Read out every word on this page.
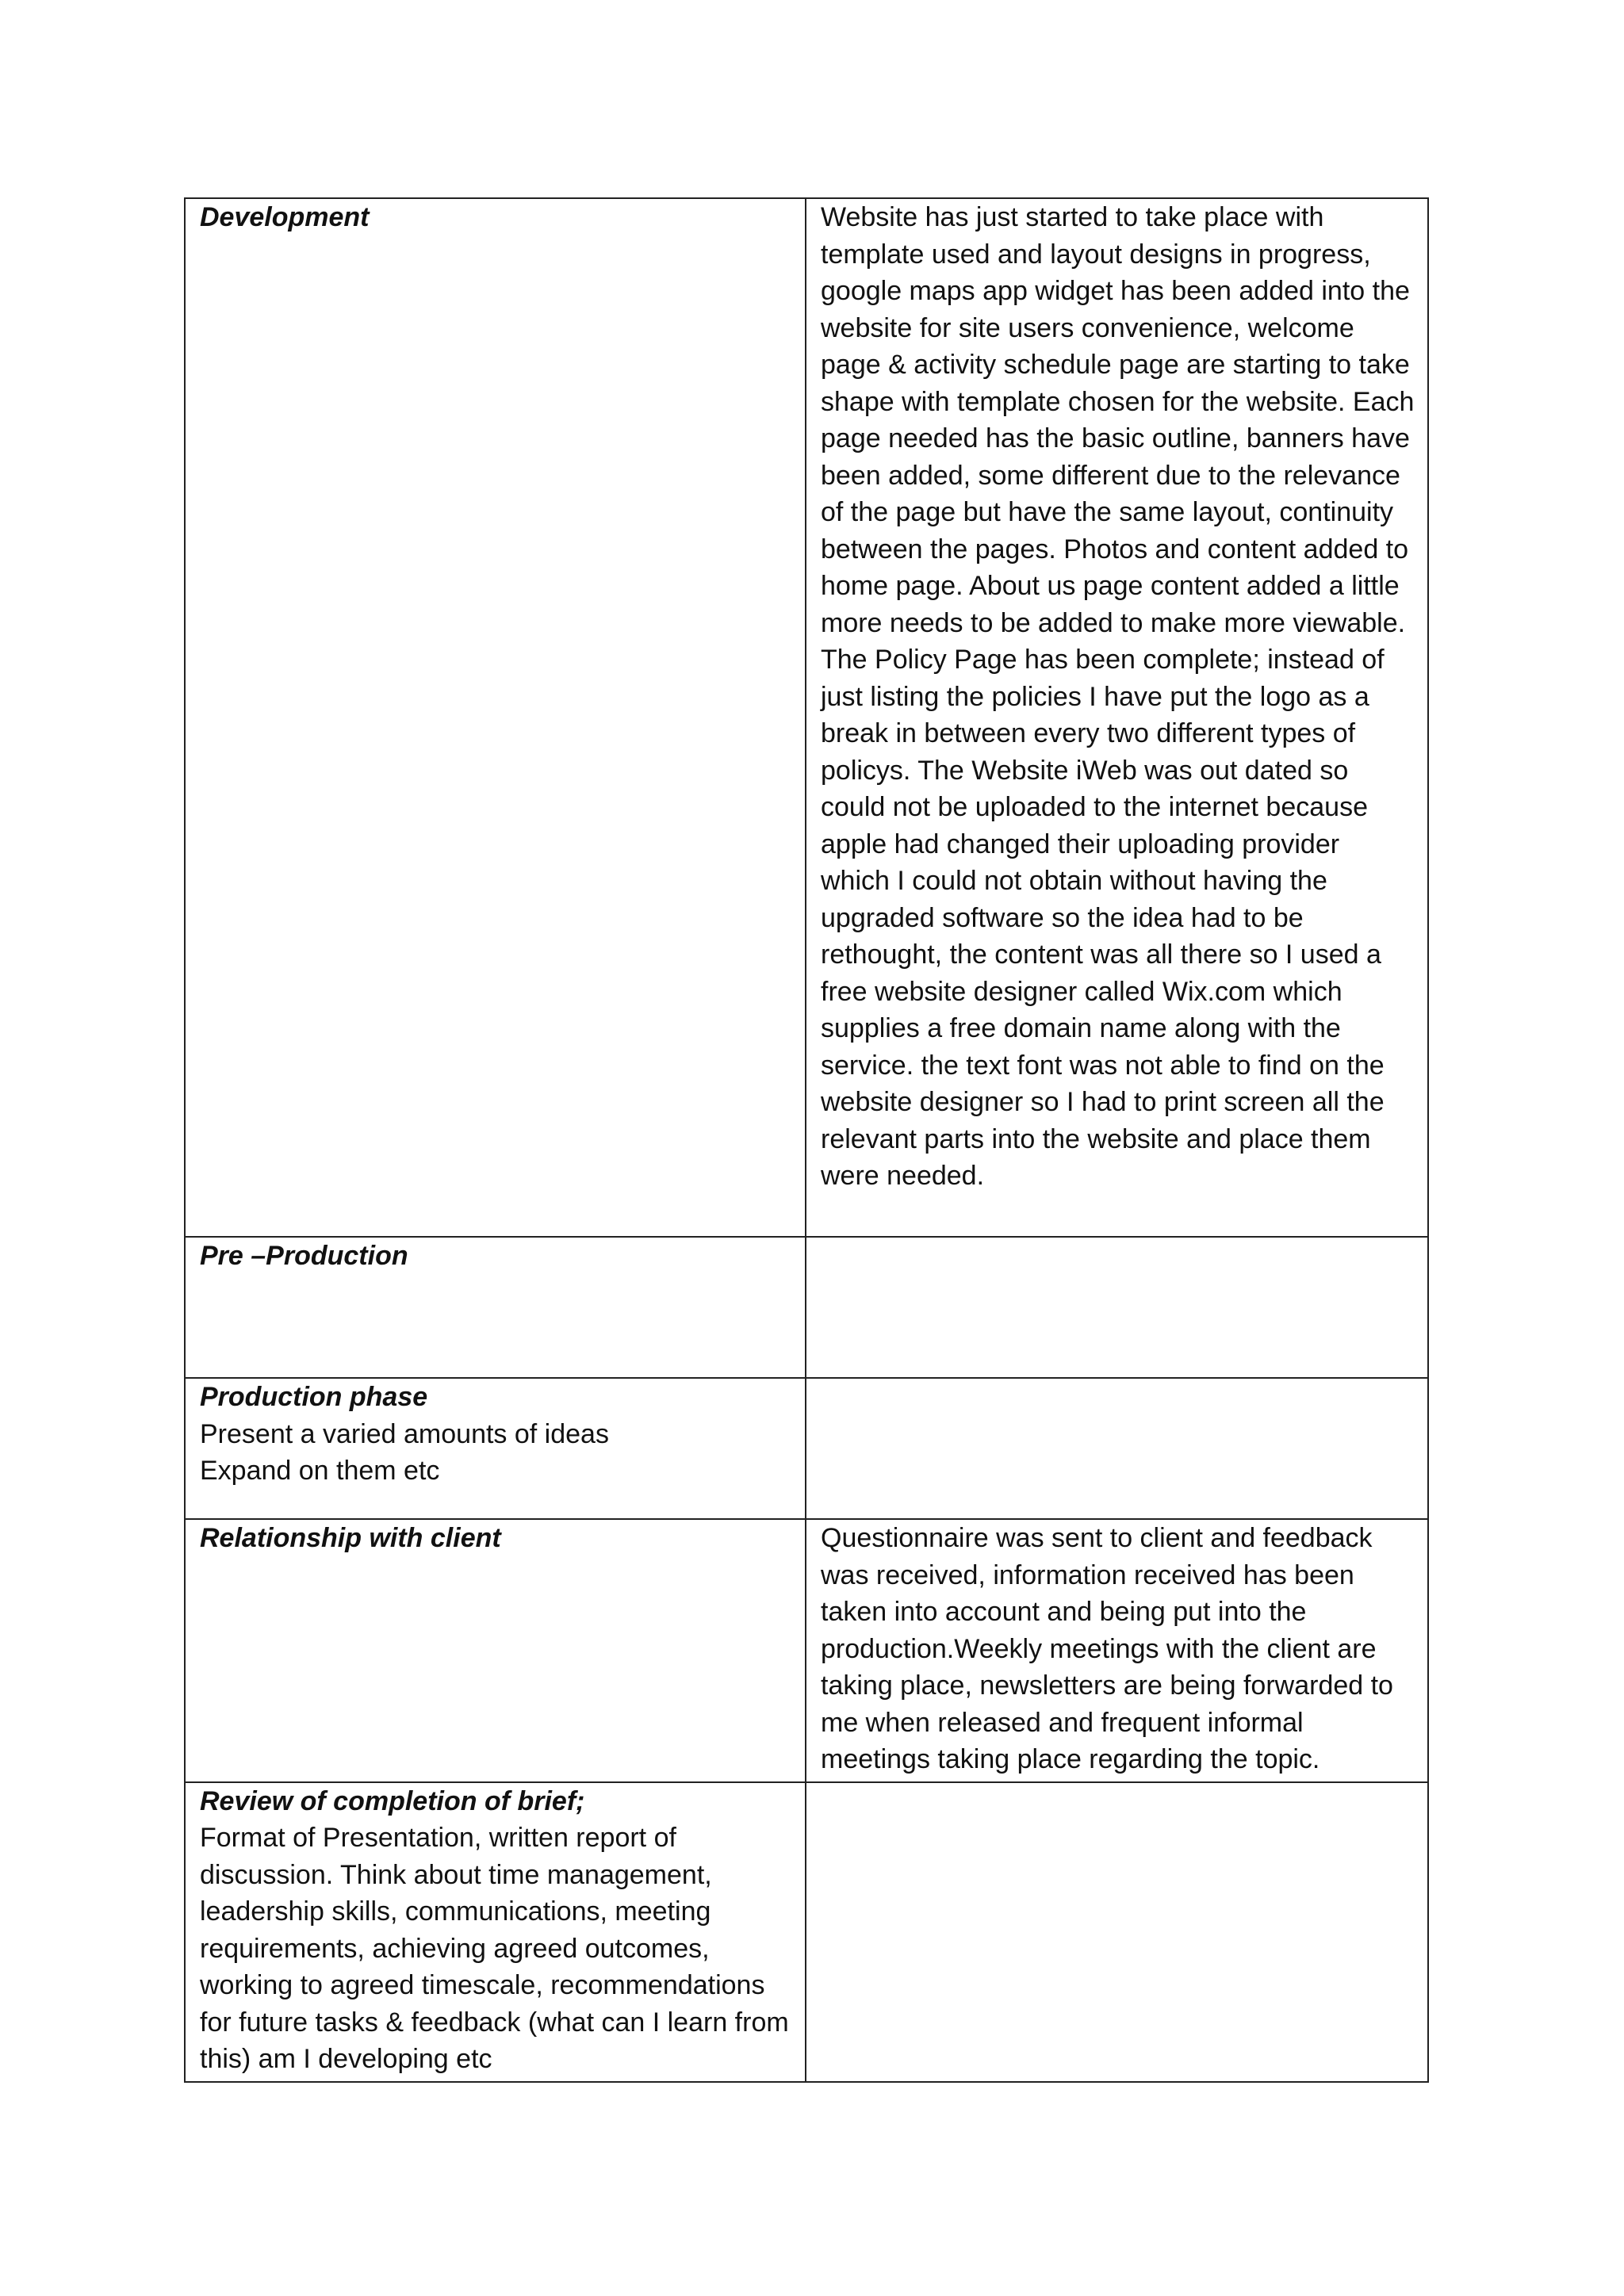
Development	Website has just started to take place with template used and layout designs in progress, google maps app widget has been added into the website for site users convenience, welcome page & activity schedule page are starting to take shape with template chosen for the website. Each page needed has the basic outline, banners have been added, some different due to the relevance of the page but have the same layout, continuity between the pages. Photos and content added to home page. About us page content added a little more needs to be added to make more viewable. The Policy Page has been complete; instead of just listing the policies I have put the logo as a break in between every two different types of policys. The Website iWeb was out dated so could not be uploaded to the internet because apple had changed their uploading provider which I could not obtain without having the upgraded software so the idea had to be rethought, the content was all there so I used a free website designer called Wix.com which supplies a free domain name along with the service. the text font was not able to find on the website designer so I had to print screen all the relevant parts into the website and place them were needed.

Pre –Production	

Production phase
Present a varied amounts of ideas
Expand on them etc	

Relationship with client	Questionnaire was sent to client and feedback was received, information received has been taken into account and being put into the production.Weekly meetings with the client are taking place, newsletters are being forwarded to me when released and frequent informal meetings taking place regarding the topic.

Review of completion of brief;
Format of Presentation, written report of discussion. Think about time management, leadership skills, communications, meeting requirements, achieving agreed outcomes, working to agreed timescale, recommendations for future tasks & feedback (what can I learn from this) am I developing etc	
